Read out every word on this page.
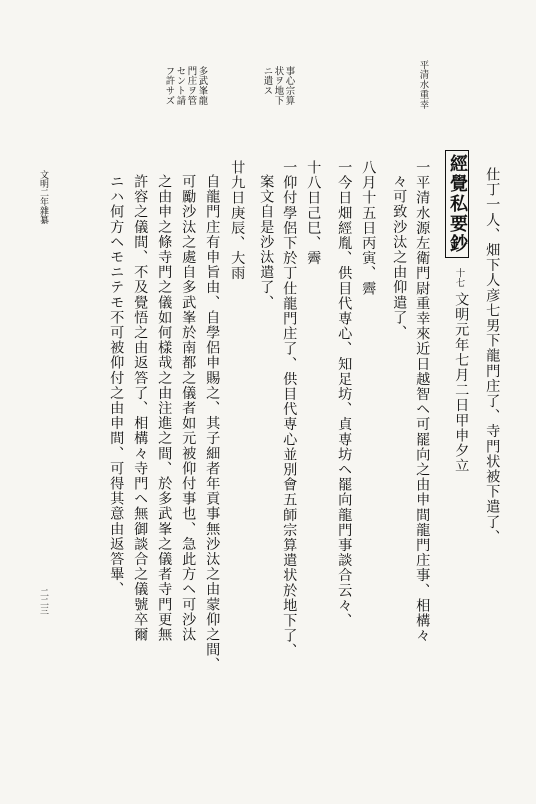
二二三
文明二年雜纂
平清水重幸
事心宗算
状ヲ地下
ニ遣ス
多武峯龍
門庄ヲ管
セント請
フ許サズ
仕丁一人、畑下人彦七男下龍門庄了、寺門状被下遣了、
經覺私要鈔
十七
文明元年七月二日甲申夕立
一平清水源左衛門尉重幸來近日越智ヘ可罷向之由申間龍門庄事、相構々
々可致沙汰之由仰遣了、
八月十五日丙寅、霽
一今日畑經胤、供目代専心、知足坊、貞専坊ヘ罷向龍門事談合云々、
十八日己巳、霽
一仰付學侶下於丁仕龍門庄了、供目代専心並別會五師宗算遣状於地下了、
案文自是沙汰遣了、
廿九日庚辰、大雨
自龍門庄有申旨由、自學侶申賜之、其子細者年貢事無沙汰之由蒙仰之間、
可勵沙汰之處自多武峯於南都之儀者如元被仰付事也、急此方ヘ可沙汰
之由申之條寺門之儀如何樣哉之由注進之間、於多武峯之儀者寺門更無
許容之儀間、不及覺悟之由返答了、相構々寺門ヘ無御談合之儀號卒爾
ニハ何方ヘモニテモ不可被仰付之由申間、可得其意由返答畢、
